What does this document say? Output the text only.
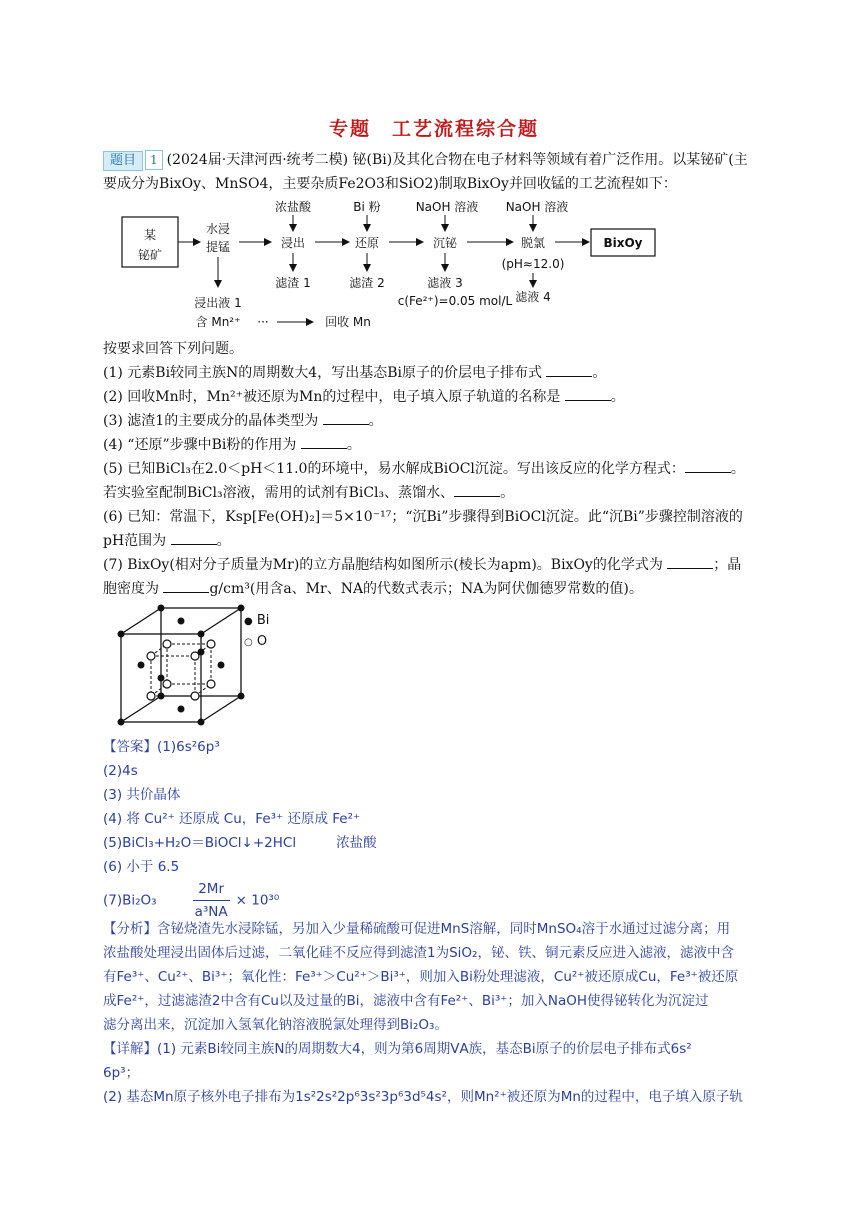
专题　工艺流程综合题
题目 1 (2024届·天津河西·统考二模) 铋(Bi)及其化合物在电子材料等领域有着广泛作用。以某铋矿(主
要成分为BixOy、MnSO4，主要杂质Fe2O3和SiO2)制取BixOy并回收锰的工艺流程如下：
某
铋矿
水浸
提锰
浸出液 1
含 Mn²⁺ ···	回收 Mn
浓盐酸
浸出
滤渣 1
Bi 粉
还原
滤渣 2
NaOH 溶液
沉铋
滤液 3
c(Fe²⁺)=0.05 mol/L
NaOH 溶液
脱氯
(pH≈12.0)
滤液 4
BixOy
按要求回答下列问题。
(1) 元素Bi较同主族N的周期数大4，写出基态Bi原子的价层电子排布式	。
(2) 回收Mn时，Mn²⁺被还原为Mn的过程中，电子填入原子轨道的名称是	。
(3) 滤渣1的主要成分的晶体类型为	。
(4) “还原”步骤中Bi粉的作用为	。
(5) 已知BiCl₃在2.0＜pH＜11.0的环境中，易水解成BiOCl沉淀。写出该反应的化学方程式：	。
若实验室配制BiCl₃溶液，需用的试剂有BiCl₃、蒸馏水、	。
(6) 已知：常温下，Ksp[Fe(OH)₂]＝5×10⁻¹⁷；“沉Bi”步骤得到BiOCl沉淀。此“沉Bi”步骤控制溶液的
pH范围为	。
(7) BixOy(相对分子质量为Mr)的立方晶胞结构如图所示(棱长为apm)。BixOy的化学式为	；晶
胞密度为	g/cm³(用含a、Mr、NA的代数式表示；NA为阿伏伽德罗常数的值)。
● Bi
○ O
【答案】(1)6s²6p³
(2)4s
(3) 共价晶体
(4) 将 Cu²⁺ 还原成 Cu，Fe³⁺ 还原成 Fe²⁺
(5)BiCl₃+H₂O＝BiOCl↓+2HCl	浓盐酸
(6) 小于 6.5
(7)Bi₂O₃	$\frac{2Mr}{\text{a³NA}} \times 10^{30}$
【分析】含铋烧渣先水浸除锰，另加入少量稀硫酸可促进MnS溶解，同时MnSO₄溶于水通过过滤分离；用
浓盐酸处理浸出固体后过滤，二氧化硅不反应得到滤渣1为SiO₂，铋、铁、铜元素反应进入滤液，滤液中含
有Fe³⁺、Cu²⁺、Bi³⁺；氧化性：Fe³⁺＞Cu²⁺＞Bi³⁺，则加入Bi粉处理滤液，Cu²⁺被还原成Cu，Fe³⁺被还原
成Fe²⁺，过滤滤渣2中含有Cu以及过量的Bi，滤液中含有Fe²⁺、Bi³⁺；加入NaOH使得铋转化为沉淀过
滤分离出来，沉淀加入氢氧化钠溶液脱氯处理得到Bi₂O₃。
【详解】(1) 元素Bi较同主族N的周期数大4，则为第6周期ⅤA族，基态Bi原子的价层电子排布式6s²
6p³；
(2) 基态Mn原子核外电子排布为1s²2s²2p⁶3s²3p⁶3d⁵4s²，则Mn²⁺被还原为Mn的过程中，电子填入原子轨
